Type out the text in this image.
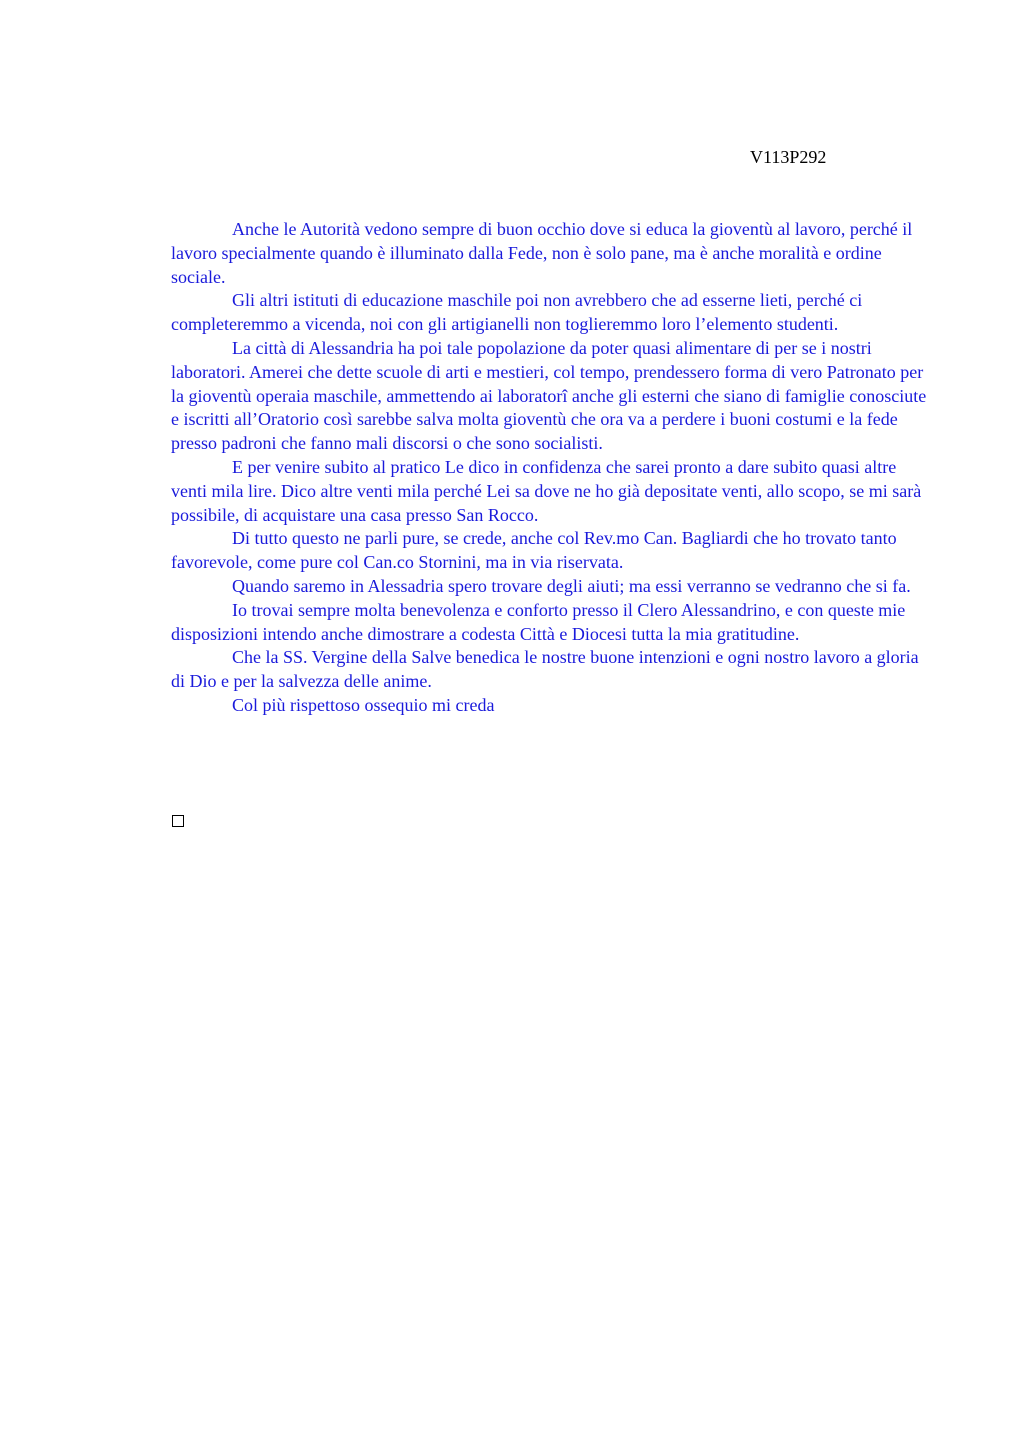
V113P292

Anche le Autorità vedono sempre di buon occhio dove si educa la gioventù al lavoro, perché il lavoro specialmente quando è illuminato dalla Fede, non è solo pane, ma è anche moralità e ordine sociale.

Gli altri istituti di educazione maschile poi non avrebbero che ad esserne lieti, perché ci completeremmo a vicenda, noi con gli artigianelli non toglieremmo loro l’elemento studenti.

La città di Alessandria ha poi tale popolazione da poter quasi alimentare di per se i nostri laboratori. Amerei che dette scuole di arti e mestieri, col tempo, prendessero forma di vero Patronato per la gioventù operaia maschile, ammettendo ai laboratorî anche gli esterni che siano di famiglie conosciute e iscritti all’Oratorio così sarebbe salva molta gioventù che ora va a perdere i buoni costumi e la fede presso padroni che fanno mali discorsi o che sono socialisti.

E per venire subito al pratico Le dico in confidenza che sarei pronto a dare subito quasi altre venti mila lire. Dico altre venti mila perché Lei sa dove ne ho già depositate venti, allo scopo, se mi sarà possibile, di acquistare una casa presso San Rocco.

Di tutto questo ne parli pure, se crede, anche col Rev.mo Can. Bagliardi che ho trovato tanto favorevole, come pure col Can.co Stornini, ma in via riservata.

Quando saremo in Alessadria spero trovare degli aiuti; ma essi verranno se vedranno che si fa.

Io trovai sempre molta benevolenza e conforto presso il Clero Alessandrino, e con queste mie disposizioni intendo anche dimostrare a codesta Città e Diocesi tutta la mia gratitudine.

Che la SS. Vergine della Salve benedica le nostre buone intenzioni e ogni nostro lavoro a gloria di Dio e per la salvezza delle anime.

Col più rispettoso ossequio mi creda
